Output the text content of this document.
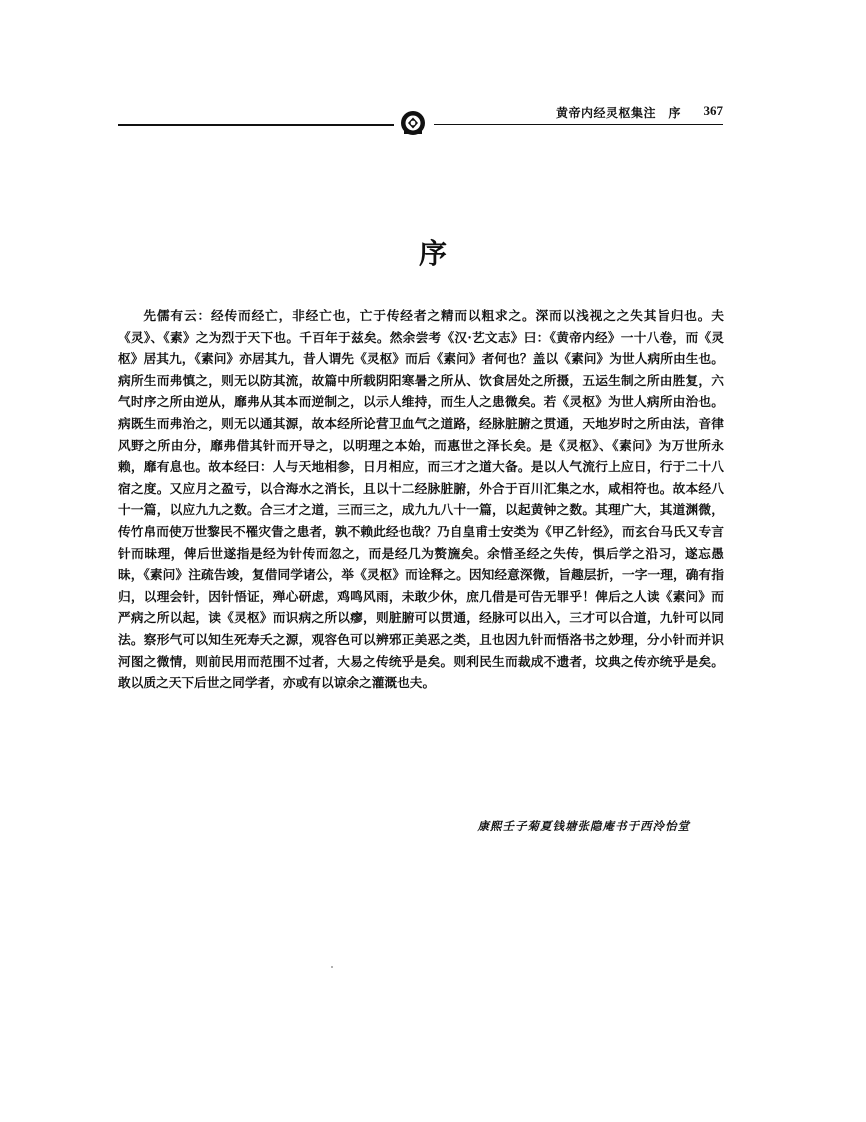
黄帝内经灵枢集注　序 367
序

先儒有云：经传而经亡，非经亡也，亡于传经者之精而以粗求之。深而以浅视之之失其旨归也。夫《灵》、《素》之为烈于天下也。千百年于兹矣。然余尝考《汉·艺文志》曰：《黄帝内经》一十八卷，而《灵枢》居其九，《素问》亦居其九，昔人谓先《灵枢》而后《素问》者何也？盖以《素问》为世人病所由生也。病所生而弗慎之，则无以防其流，故篇中所载阴阳寒暑之所从、饮食居处之所摄，五运生制之所由胜复，六气时序之所由逆从，靡弗从其本而逆制之，以示人维持，而生人之患微矣。若《灵枢》为世人病所由治也。病既生而弗治之，则无以通其源，故本经所论营卫血气之道路，经脉脏腑之贯通，天地岁时之所由法，音律风野之所由分，靡弗借其针而开导之，以明理之本始，而惠世之泽长矣。是《灵枢》、《素问》为万世所永赖，靡有息也。故本经曰：人与天地相参，日月相应，而三才之道大备。是以人气流行上应日，行于二十八宿之度。又应月之盈亏，以合海水之消长，且以十二经脉脏腑，外合于百川汇集之水，咸相符也。故本经八十一篇，以应九九之数。合三才之道，三而三之，成九九八十一篇，以起黄钟之数。其理广大，其道渊微，传竹帛而使万世黎民不罹灾眚之患者，孰不赖此经也哉？乃自皇甫士安类为《甲乙针经》，而玄台马氏又专言针而昧理，俾后世遂指是经为针传而忽之，而是经几为赘旒矣。余惜圣经之失传，惧后学之沿习，遂忘愚昧，《素问》注疏告竣，复借同学诸公，举《灵枢》而诠释之。因知经意深微，旨趣层折，一字一理，确有指归，以理会针，因针悟证，殚心研虑，鸡鸣风雨，未敢少休，庶几借是可告无罪乎！俾后之人读《素问》而严病之所以起，读《灵枢》而识病之所以瘳，则脏腑可以贯通，经脉可以出入，三才可以合道，九针可以同法。察形气可以知生死寿夭之源，观容色可以辨邪正美恶之类，且也因九针而悟洛书之妙理，分小针而并识河图之微情，则前民用而范围不过者，大易之传统乎是矣。则利民生而裁成不遗者，坟典之传亦统乎是矣。敢以质之天下后世之同学者，亦或有以谅余之灌溉也夫。

康熙壬子菊夏钱塘张隐庵书于西泠怡堂
